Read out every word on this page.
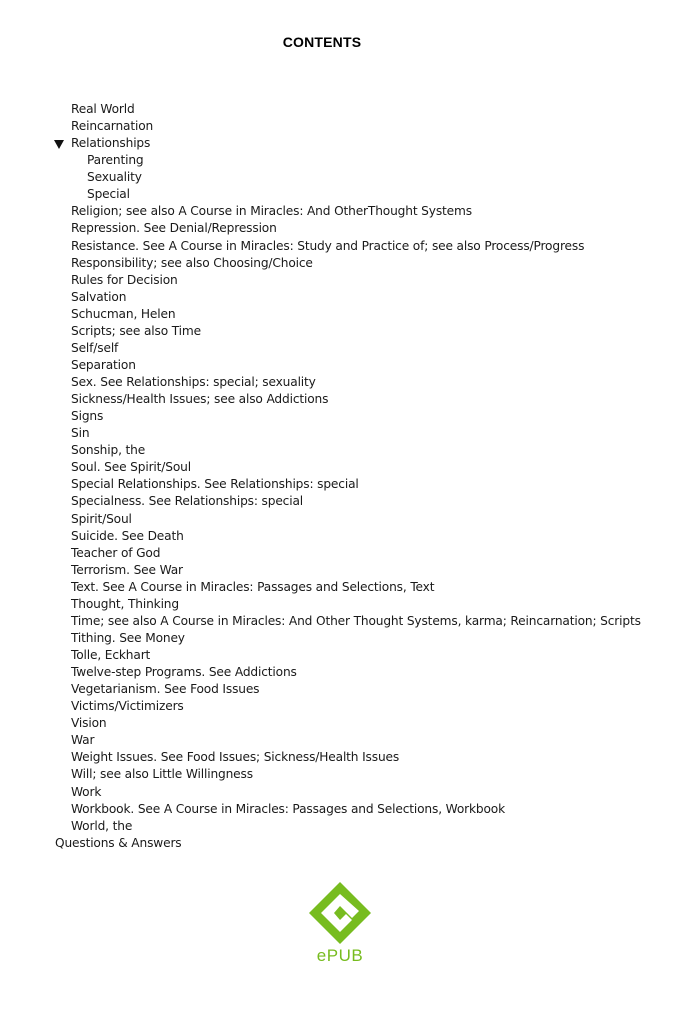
CONTENTS
Real World
Reincarnation
Relationships
Parenting
Sexuality
Special
Religion; see also A Course in Miracles: And OtherThought Systems
Repression. See Denial/Repression
Resistance. See A Course in Miracles: Study and Practice of; see also Process/Progress
Responsibility; see also Choosing/Choice
Rules for Decision
Salvation
Schucman, Helen
Scripts; see also Time
Self/self
Separation
Sex. See Relationships: special; sexuality
Sickness/Health Issues; see also Addictions
Signs
Sin
Sonship, the
Soul. See Spirit/Soul
Special Relationships. See Relationships: special
Specialness. See Relationships: special
Spirit/Soul
Suicide. See Death
Teacher of God
Terrorism. See War
Text. See A Course in Miracles: Passages and Selections, Text
Thought, Thinking
Time; see also A Course in Miracles: And Other Thought Systems, karma; Reincarnation; Scripts
Tithing. See Money
Tolle, Eckhart
Twelve-step Programs. See Addictions
Vegetarianism. See Food Issues
Victims/Victimizers
Vision
War
Weight Issues. See Food Issues; Sickness/Health Issues
Will; see also Little Willingness
Work
Workbook. See A Course in Miracles: Passages and Selections, Workbook
World, the
Questions & Answers
ePUB
